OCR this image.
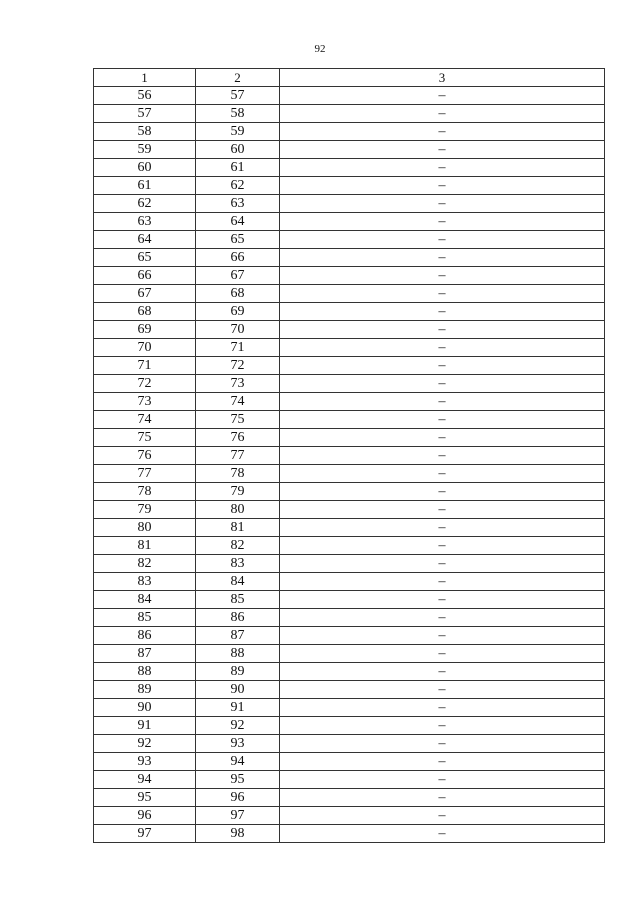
92
1	2	3
56	57	–
57	58	–
58	59	–
59	60	–
60	61	–
61	62	–
62	63	–
63	64	–
64	65	–
65	66	–
66	67	–
67	68	–
68	69	–
69	70	–
70	71	–
71	72	–
72	73	–
73	74	–
74	75	–
75	76	–
76	77	–
77	78	–
78	79	–
79	80	–
80	81	–
81	82	–
82	83	–
83	84	–
84	85	–
85	86	–
86	87	–
87	88	–
88	89	–
89	90	–
90	91	–
91	92	–
92	93	–
93	94	–
94	95	–
95	96	–
96	97	–
97	98	–
